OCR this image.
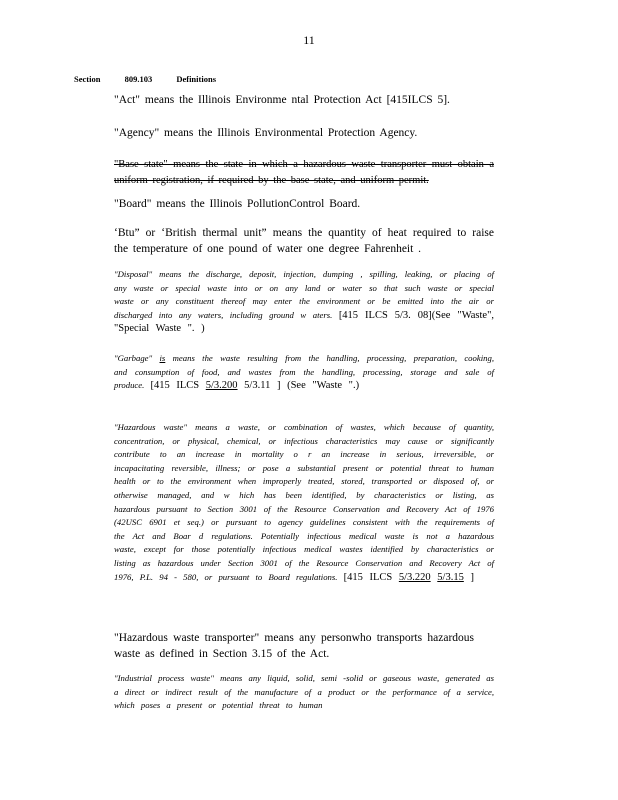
11
Section	809.103	Definitions

"Act" means the Illinois Environme ntal Protection Act [415ILCS 5].

"Agency" means the Illinois Environmental Protection Agency.

"Base state" means the state in which a hazardous waste transporter must obtain a uniform registration, if required by the base state, and uniform permit.

"Board" means the Illinois PollutionControl Board.

‘Btu” or ‘British thermal unit” means the quantity of heat required to raise the temperature of one pound of water one degree Fahrenheit .

"Disposal" means the discharge, deposit, injection, dumping , spilling, leaking, or placing of any waste or special waste into or on any land or water so that such waste or special waste or any constituent thereof may enter the environment or be emitted into the air or discharged into any waters, including ground w aters. [415 ILCS 5/3. 08](See "Waste", "Special Waste ". )

"Garbage" is means the waste resulting from the handling, processing, preparation, cooking, and consumption of food, and wastes from the handling, processing, storage and sale of produce. [415 ILCS 5/3.200 5/3.11 ] (See "Waste ".)

"Hazardous waste" means a waste, or combination of wastes, which because of quantity, concentration, or physical, chemical, or infectious characteristics may cause or significantly contribute to an increase in mortality o r an increase in serious, irreversible, or incapacitating reversible, illness; or pose a substantial present or potential threat to human health or to the environment when improperly treated, stored, transported or disposed of, or otherwise managed, and w hich has been identified, by characteristics or listing, as hazardous pursuant to Section 3001 of the Resource Conservation and Recovery Act of 1976 (42USC 6901 et seq.) or pursuant to agency guidelines consistent with the requirements of the Act and Boar d regulations. Potentially infectious medical waste is not a hazardous waste, except for those potentially infectious medical wastes identified by characteristics or listing as hazardous under Section 3001 of the Resource Conservation and Recovery Act of 1976, P.L. 94 - 580, or pursuant to Board regulations. [415 ILCS 5/3.220 5/3.15 ]

"Hazardous waste transporter" means any personwho transports hazardous waste as defined in Section 3.15 of the Act.

"Industrial process waste" means any liquid, solid, semi -solid or gaseous waste, generated as a direct or indirect result of the manufacture of a product or the performance of a service, which poses a present or potential threat to human
